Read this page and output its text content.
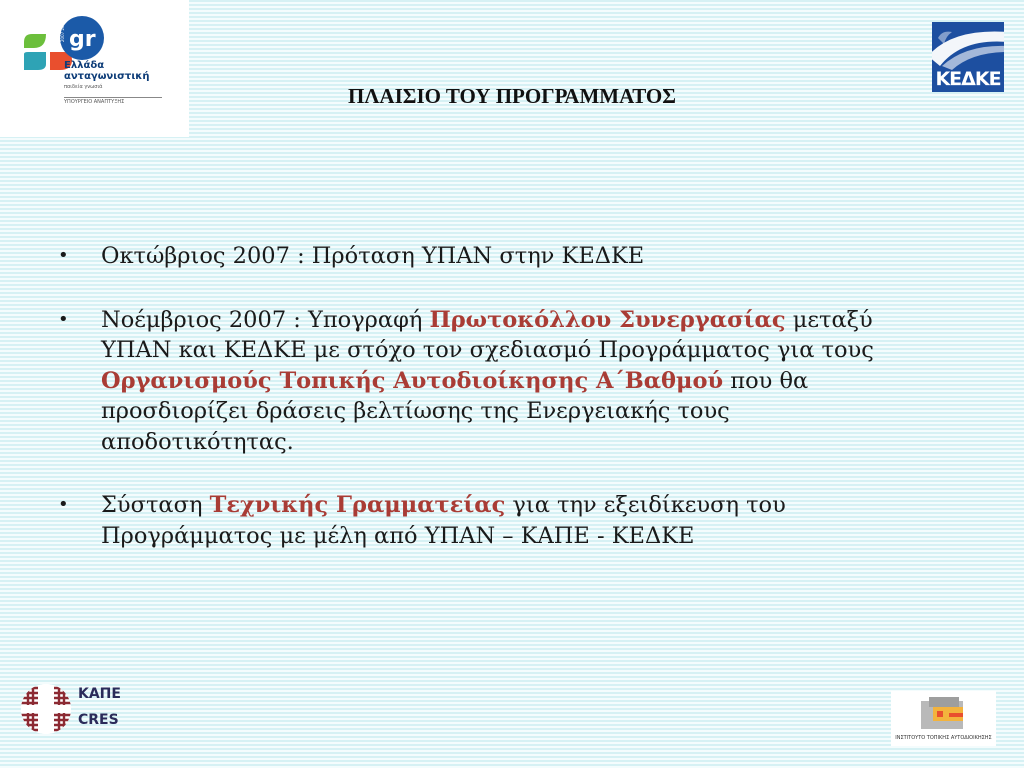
gr
2007 2013
Ελλάδα
ανταγωνιστική
παιδεία γνωσιά
ΥΠΟΥΡΓΕΙΟ ΑΝΑΠΤΥΞΗΣ
ΚΕΔΚΕ
ΠΛΑΙΣΙΟ ΤΟΥ ΠΡΟΓΡΑΜΜΑΤΟΣ
• Οκτώβριος 2007 : Πρόταση ΥΠΑΝ στην ΚΕΔΚΕ
• Νοέμβριος 2007 : Υπογραφή Πρωτοκόλλου Συνεργασίας μεταξύ ΥΠΑΝ και ΚΕΔΚΕ με στόχο τον σχεδιασμό Προγράμματος για τους Οργανισμούς Τοπικής Αυτοδιοίκησης Α΄Βαθμού που θα προσδιορίζει δράσεις βελτίωσης της Ενεργειακής τους αποδοτικότητας.
• Σύσταση Τεχνικής Γραμματείας για την εξειδίκευση του Προγράμματος με μέλη από ΥΠΑΝ – ΚΑΠΕ - ΚΕΔΚΕ
ΚΑΠΕ
CRES
ΙΝΣΤΙΤΟΥΤΟ ΤΟΠΙΚΗΣ ΑΥΤΟΔΙΟΙΚΗΣΗΣ
